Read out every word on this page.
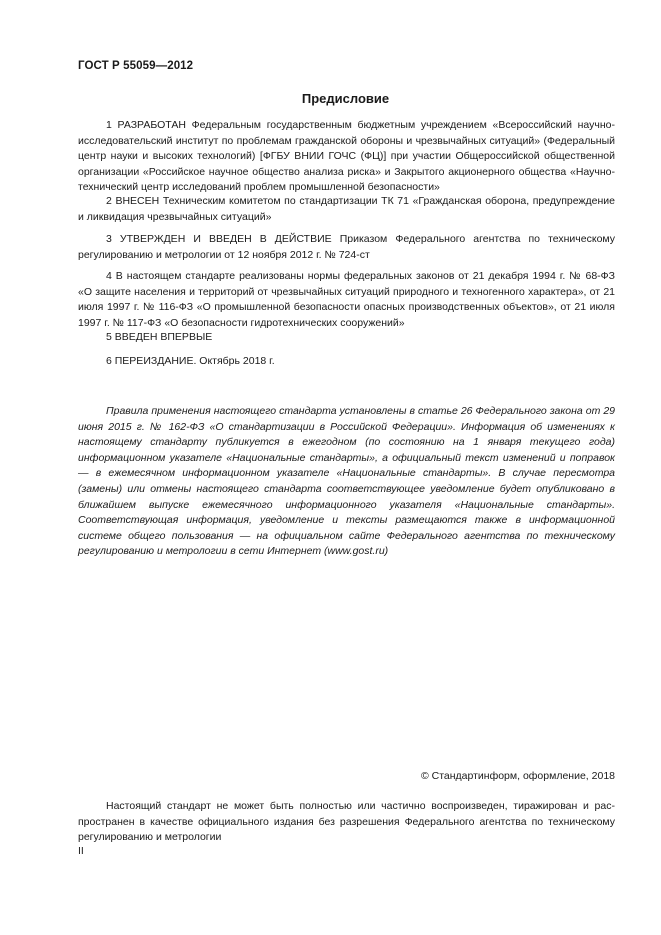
ГОСТ Р 55059—2012
Предисловие

1 РАЗРАБОТАН Федеральным государственным бюджетным учреждением «Всероссийский научно-исследовательский институт по проблемам гражданской обороны и чрезвычайных ситуаций» (Федеральный центр науки и высоких технологий) [ФГБУ ВНИИ ГОЧС (ФЦ)] при участии Общероссийской общественной организации «Российское научное общество анализа риска» и Закрытого акционерного общества «Научно-технический центр исследований проблем промышленной безопасности»

2 ВНЕСЕН Техническим комитетом по стандартизации ТК 71 «Гражданская оборона, предупреждение и ликвидация чрезвычайных ситуаций»

3 УТВЕРЖДЕН И ВВЕДЕН В ДЕЙСТВИЕ Приказом Федерального агентства по техническому регулированию и метрологии от 12 ноября 2012 г. № 724-ст

4 В настоящем стандарте реализованы нормы федеральных законов от 21 декабря 1994 г. № 68-ФЗ «О защите населения и территорий от чрезвычайных ситуаций природного и техногенного характера», от 21 июля 1997 г. № 116-ФЗ «О промышленной безопасности опасных производственных объектов», от 21 июля 1997 г. № 117-ФЗ «О безопасности гидротехнических сооружений»

5 ВВЕДЕН ВПЕРВЫЕ

6 ПЕРЕИЗДАНИЕ. Октябрь 2018 г.

Правила применения настоящего стандарта установлены в статье 26 Федерального закона от 29 июня 2015 г. № 162-ФЗ «О стандартизации в Российской Федерации». Информация об изменениях к настоящему стандарту публикуется в ежегодном (по состоянию на 1 января текущего года) информационном указателе «Национальные стандарты», а официальный текст изменений и поправок — в ежемесячном информационном указателе «Национальные стандарты». В случае пересмотра (замены) или отмены настоящего стандарта соответствующее уведомление будет опубликовано в ближайшем выпуске ежемесячного информационного указателя «Национальные стандарты». Соответствующая информация, уведомление и тексты размещаются также в информационной системе общего пользования — на официальном сайте Федерального агентства по техническому регулированию и метрологии в сети Интернет (www.gost.ru)

© Стандартинформ, оформление, 2018

Настоящий стандарт не может быть полностью или частично воспроизведен, тиражирован и распространен в качестве официального издания без разрешения Федерального агентства по техническому регулированию и метрологии

II
